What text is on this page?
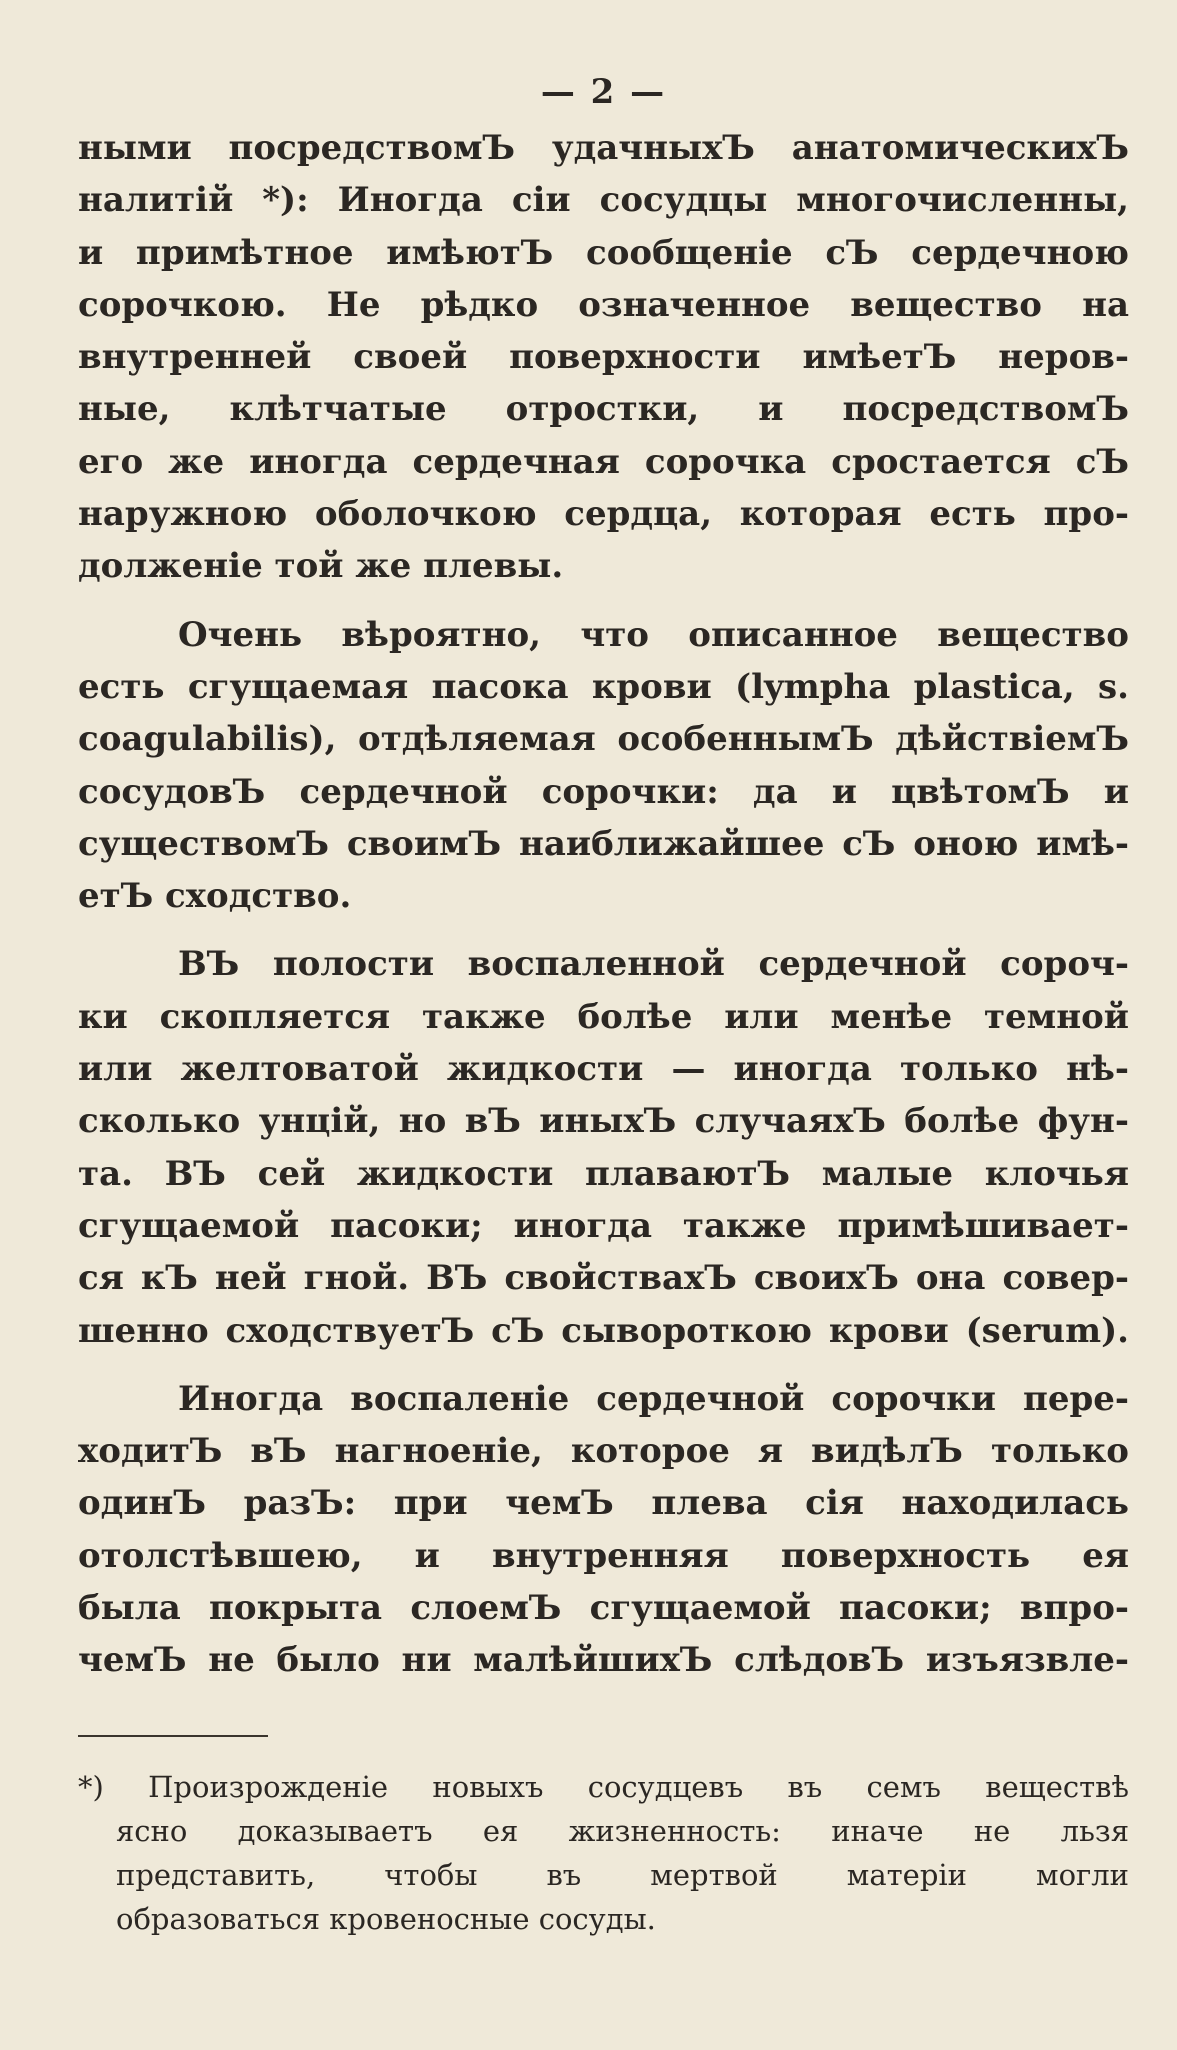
— 2 —
ными посредствомЪ удачныхЪ анатомическихЪ
налитій *): Иногда сіи сосудцы многочисленны,
и примѣтное имѣютЪ сообщеніе сЪ сердечною
сорочкою. Не рѣдко означенное вещество на
внутренней своей поверхности имѣетЪ неров-
ные, клѣтчатые отростки, и посредствомЪ
его же иногда сердечная сорочка сростается сЪ
наружною оболочкою сердца, которая есть про-
долженіе той же плевы.
Очень вѣроятно, что описанное вещество
есть сгущаемая пасока крови (lympha plastica, s.
coagulabilis), отдѣляемая особеннымЪ дѣйствіемЪ
сосудовЪ сердечной сорочки: да и цвѣтомЪ и
существомЪ своимЪ наиближайшее сЪ оною имѣ-
етЪ сходство.
ВЪ полости воспаленной сердечной сороч-
ки скопляется также болѣе или менѣе темной
или желтоватой жидкости — иногда только нѣ-
сколько унцій, но вЪ иныхЪ случаяхЪ болѣе фун-
та. ВЪ сей жидкости плаваютЪ малые клочья
сгущаемой пасоки; иногда также примѣшивает-
ся кЪ ней гной. ВЪ свойствахЪ своихЪ она совер-
шенно сходствуетЪ сЪ сывороткою крови (serum).
Иногда воспаленіе сердечной сорочки пере-
ходитЪ вЪ нагноеніе, которое я видѣлЪ только
одинЪ разЪ: при чемЪ плева сія находилась
отолстѣвшею, и внутренняя поверхность ея
была покрыта слоемЪ сгущаемой пасоки; впро-
чемЪ не было ни малѣйшихЪ слѣдовЪ изъязвле-
*) Произрожденіе новыхъ сосудцевъ въ семъ веществѣ
ясно доказываетъ ея жизненность: иначе не льзя
представить, чтобы въ мертвой матеріи могли
образоваться кровеносные сосуды.
